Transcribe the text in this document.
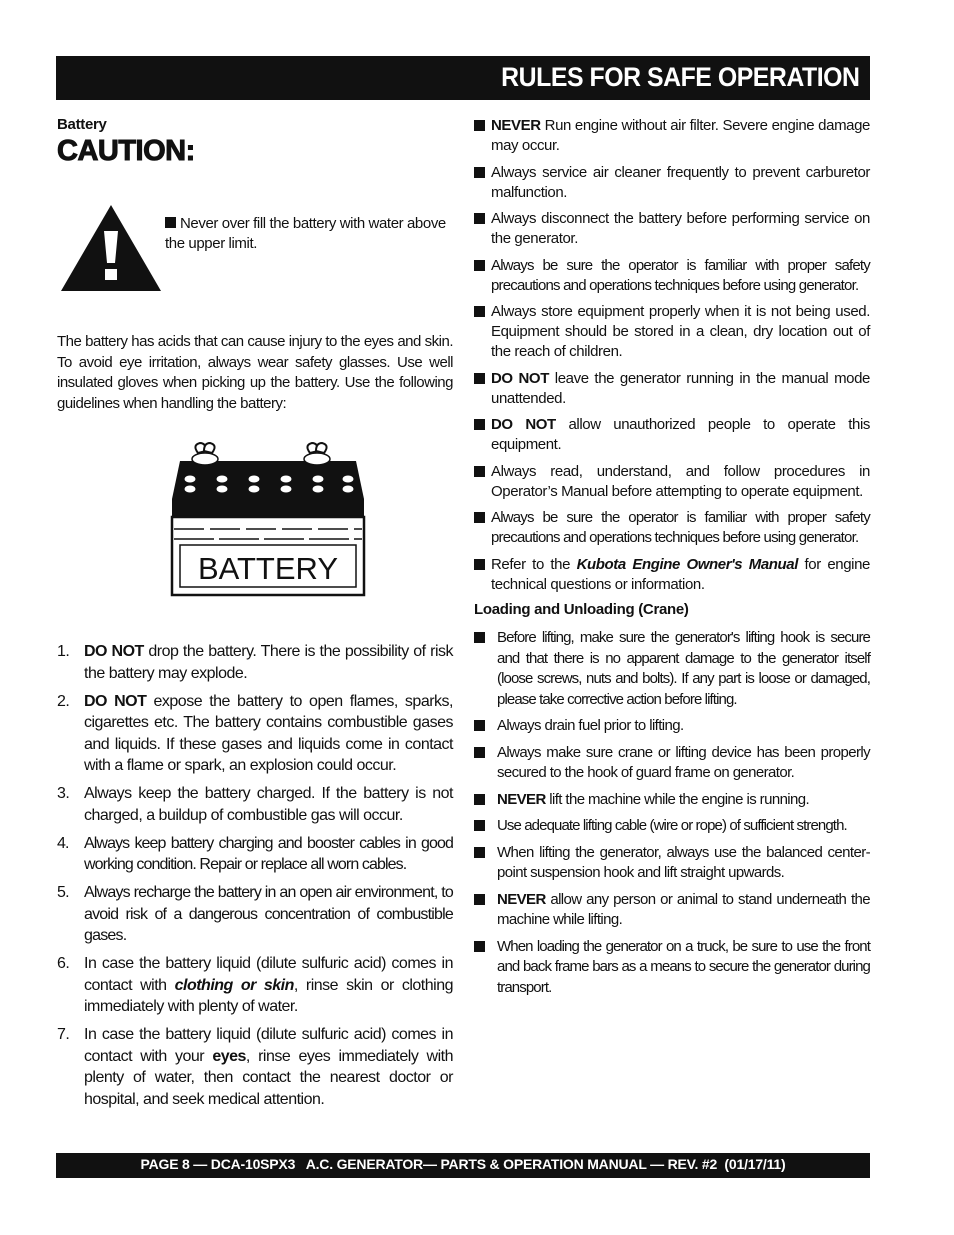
RULES FOR SAFE OPERATION
Battery
CAUTION:
Never over fill the battery with water above the upper limit.

The battery has acids that can cause injury to the eyes and skin. To avoid eye irritation, always wear safety glasses. Use well insulated gloves when picking up the battery. Use the following guidelines when handling the battery:

BATTERY
1. DO NOT drop the battery. There is the possibility of risk the battery may explode.
2. DO NOT expose the battery to open flames, sparks, cigarettes etc. The battery contains combustible gases and liquids. If these gases and liquids come in contact with a flame or spark, an explosion could occur.
3. Always keep the battery charged. If the battery is not charged, a buildup of combustible gas will occur.
4. Always keep battery charging and booster cables in good working condition. Repair or replace all worn cables.
5. Always recharge the battery in an open air environment, to avoid risk of a dangerous concentration of combustible gases.
6. In case the battery liquid (dilute sulfuric acid) comes in contact with clothing or skin, rinse skin or clothing immediately with plenty of water.
7. In case the battery liquid (dilute sulfuric acid) comes in contact with your eyes, rinse eyes immediately with plenty of water, then contact the nearest doctor or hospital, and seek medical attention.
NEVER Run engine without air filter. Severe engine damage may occur.
Always service air cleaner frequently to prevent carburetor malfunction.
Always disconnect the battery before performing service on the generator.
Always be sure the operator is familiar with proper safety precautions and operations techniques before using generator.
Always store equipment properly when it is not being used. Equipment should be stored in a clean, dry location out of the reach of children.
DO NOT leave the generator running in the manual mode unattended.
DO NOT allow unauthorized people to operate this equipment.
Always read, understand, and follow procedures in Operator’s Manual before attempting to operate equipment.
Always be sure the operator is familiar with proper safety precautions and operations techniques before using generator.
Refer to the Kubota Engine Owner's Manual for engine technical questions or information.
Loading and Unloading (Crane)
Before lifting, make sure the generator's lifting hook is secure and that there is no apparent damage to the generator itself (loose screws, nuts and bolts). If any part is loose or damaged, please take corrective action before lifting.
Always drain fuel prior to lifting.
Always make sure crane or lifting device has been properly secured to the hook of guard frame on generator.
NEVER lift the machine while the engine is running.
Use adequate lifting cable (wire or rope) of sufficient strength.
When lifting the generator, always use the balanced center-point suspension hook and lift straight upwards.
NEVER allow any person or animal to stand underneath the machine while lifting.
When loading the generator on a truck, be sure to use the front and back frame bars as a means to secure the generator during transport.
PAGE 8 — DCA-10SPX3   A.C. GENERATOR— PARTS & OPERATION MANUAL — REV. #2  (01/17/11)
